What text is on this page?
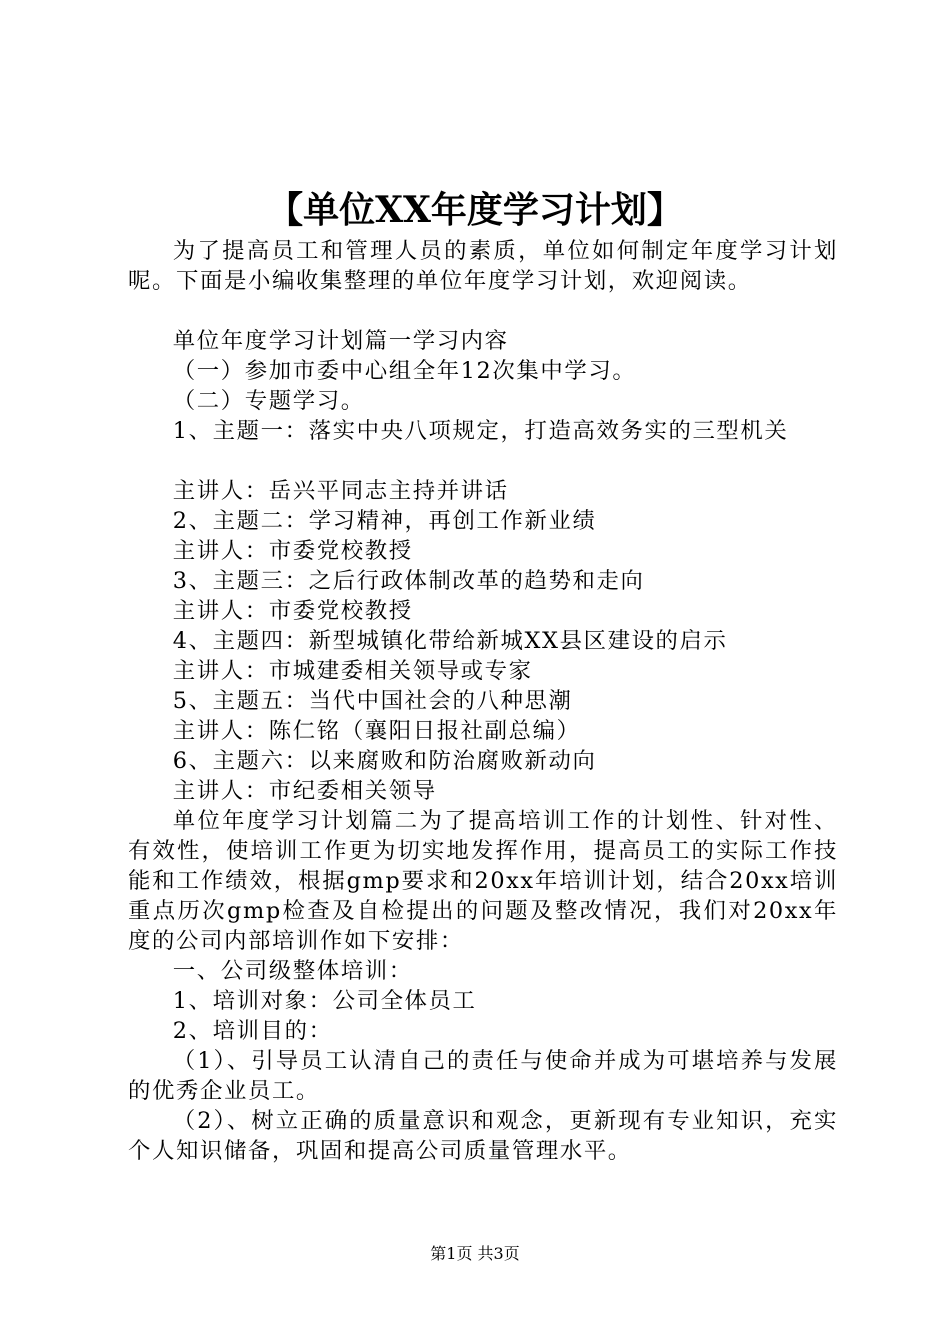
【单位XX年度学习计划】

为了提高员工和管理人员的素质，单位如何制定年度学习计划呢。下面是小编收集整理的单位年度学习计划，欢迎阅读。

单位年度学习计划篇一学习内容

（一）参加市委中心组全年12次集中学习。

（二）专题学习。

1、主题一：落实中央八项规定，打造高效务实的三型机关

主讲人：岳兴平同志主持并讲话

2、主题二：学习精神，再创工作新业绩

主讲人：市委党校教授

3、主题三：之后行政体制改革的趋势和走向

主讲人：市委党校教授

4、主题四：新型城镇化带给新城XX县区建设的启示

主讲人：市城建委相关领导或专家

5、主题五：当代中国社会的八种思潮

主讲人：陈仁铭（襄阳日报社副总编）

6、主题六：以来腐败和防治腐败新动向

主讲人：市纪委相关领导

单位年度学习计划篇二为了提高培训工作的计划性、针对性、有效性，使培训工作更为切实地发挥作用，提高员工的实际工作技能和工作绩效，根据gmp要求和20xx年培训计划，结合20xx培训重点历次gmp检查及自检提出的问题及整改情况，我们对20xx年度的公司内部培训作如下安排：

一、公司级整体培训：

1、培训对象：公司全体员工

2、培训目的：

（1）、引导员工认清自己的责任与使命并成为可堪培养与发展的优秀企业员工。

（2）、树立正确的质量意识和观念，更新现有专业知识，充实个人知识储备，巩固和提高公司质量管理水平。

第1页 共3页
